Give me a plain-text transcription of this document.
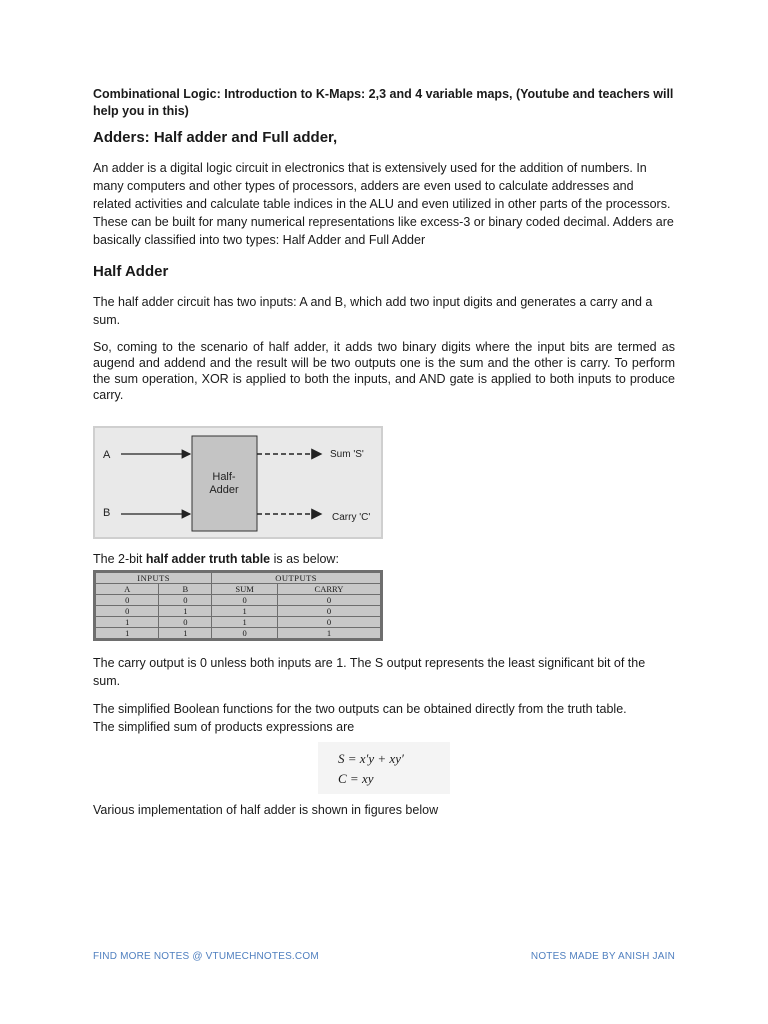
Combinational Logic: Introduction to K-Maps: 2,3 and 4 variable maps, (Youtube and teachers will help you in this)
Adders: Half adder and Full adder,

An adder is a digital logic circuit in electronics that is extensively used for the addition of numbers. In many computers and other types of processors, adders are even used to calculate addresses and related activities and calculate table indices in the ALU and even utilized in other parts of the processors. These can be built for many numerical representations like excess-3 or binary coded decimal. Adders are basically classified into two types: Half Adder and Full Adder

Half Adder

The half adder circuit has two inputs: A and B, which add two input digits and generates a carry and a sum.

So, coming to the scenario of half adder, it adds two binary digits where the input bits are termed as augend and addend and the result will be two outputs one is the sum and the other is carry. To perform the sum operation, XOR is applied to both the inputs, and AND gate is applied to both inputs to produce carry.

A
B
Half-
Adder
Sum 'S'
Carry 'C'
The 2-bit half adder truth table is as below:
INPUTS		OUTPUTS	
A	B	SUM	CARRY
0	0	0	0
0	1	1	0
1	0	1	0
1	1	0	1

The carry output is 0 unless both inputs are 1. The S output represents the least significant bit of the sum.

The simplified Boolean functions for the two outputs can be obtained directly from the truth table.
The simplified sum of products expressions are

S = x′y + xy′
C = xy
Various implementation of half adder is shown in figures below
FIND MORE NOTES @ VTUMECHNOTES.COM	NOTES MADE BY ANISH JAIN
